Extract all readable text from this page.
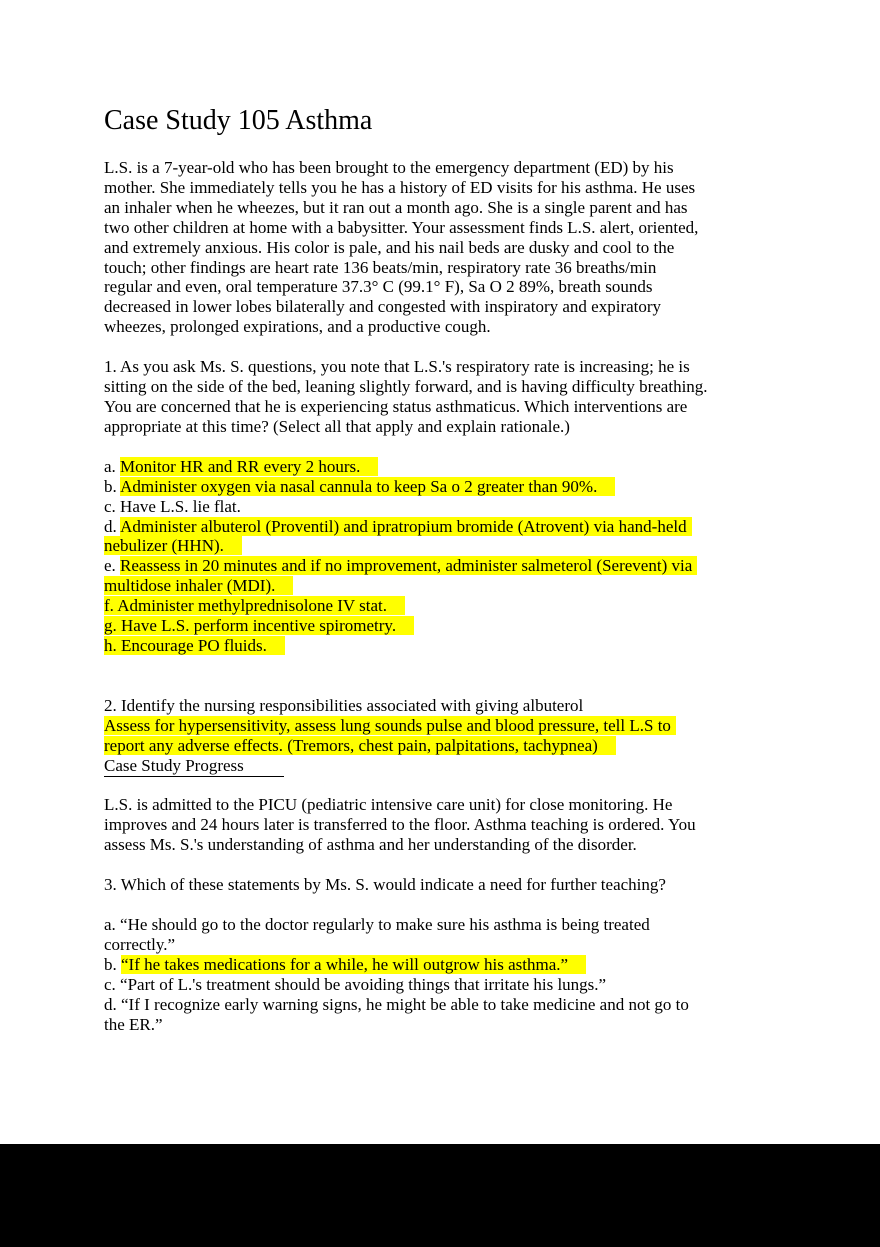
Case Study 105 Asthma
L.S. is a 7-year-old who has been brought to the emergency department (ED) by his
mother. She immediately tells you he has a history of ED visits for his asthma. He uses
an inhaler when he wheezes, but it ran out a month ago. She is a single parent and has
two other children at home with a babysitter. Your assessment finds L.S. alert, oriented,
and extremely anxious. His color is pale, and his nail beds are dusky and cool to the
touch; other findings are heart rate 136 beats/min, respiratory rate 36 breaths/min
regular and even, oral temperature 37.3° C (99.1° F), Sa O 2 89%, breath sounds
decreased in lower lobes bilaterally and congested with inspiratory and expiratory
wheezes, prolonged expirations, and a productive cough.
1. As you ask Ms. S. questions, you note that L.S.'s respiratory rate is increasing; he is
sitting on the side of the bed, leaning slightly forward, and is having difficulty breathing.
You are concerned that he is experiencing status asthmaticus. Which interventions are
appropriate at this time? (Select all that apply and explain rationale.)
a. Monitor HR and RR every 2 hours.
b. Administer oxygen via nasal cannula to keep Sa o 2 greater than 90%.
c. Have L.S. lie flat.
d. Administer albuterol (Proventil) and ipratropium bromide (Atrovent) via hand-held
nebulizer (HHN).
e. Reassess in 20 minutes and if no improvement, administer salmeterol (Serevent) via
multidose inhaler (MDI).
f. Administer methylprednisolone IV stat.
g. Have L.S. perform incentive spirometry.
h. Encourage PO fluids.
2. Identify the nursing responsibilities associated with giving albuterol
Assess for hypersensitivity, assess lung sounds pulse and blood pressure, tell L.S to
report any adverse effects. (Tremors, chest pain, palpitations, tachypnea)
Case Study Progress
L.S. is admitted to the PICU (pediatric intensive care unit) for close monitoring. He
improves and 24 hours later is transferred to the floor. Asthma teaching is ordered. You
assess Ms. S.'s understanding of asthma and her understanding of the disorder.
3. Which of these statements by Ms. S. would indicate a need for further teaching?
a. “He should go to the doctor regularly to make sure his asthma is being treated
correctly.”
b. “If he takes medications for a while, he will outgrow his asthma.”
c. “Part of L.'s treatment should be avoiding things that irritate his lungs.”
d. “If I recognize early warning signs, he might be able to take medicine and not go to
the ER.”
